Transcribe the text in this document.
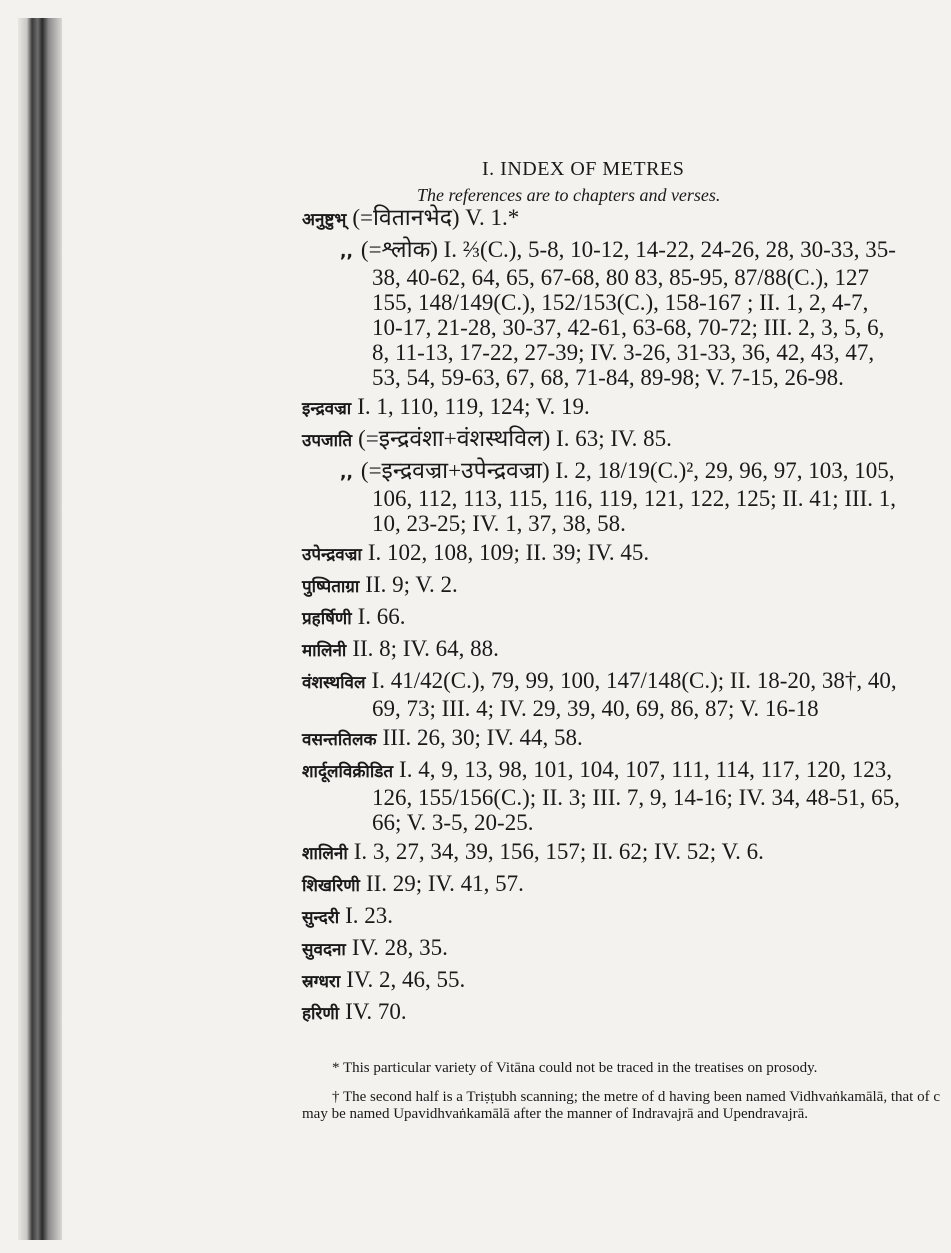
I. INDEX OF METRES
The references are to chapters and verses.

अनुष्टुभ् (=वितानभेद) V. 1.*

,, (=श्लोक) I. ⅔(C.), 5-8, 10-12, 14-22, 24-26, 28, 30-33, 35-38, 40-62, 64, 65, 67-68, 80 83, 85-95, 87/88(C.), 127 155, 148/149(C.), 152/153(C.), 158-167 ; II. 1, 2, 4-7, 10-17, 21-28, 30-37, 42-61, 63-68, 70-72; III. 2, 3, 5, 6, 8, 11-13, 17-22, 27-39; IV. 3-26, 31-33, 36, 42, 43, 47, 53, 54, 59-63, 67, 68, 71-84, 89-98; V. 7-15, 26-98.

इन्द्रवज्रा I. 1, 110, 119, 124; V. 19.

उपजाति (=इन्द्रवंशा+वंशस्थविल) I. 63; IV. 85.

,, (=इन्द्रवज्रा+उपेन्द्रवज्रा) I. 2, 18/19(C.)², 29, 96, 97, 103, 105, 106, 112, 113, 115, 116, 119, 121, 122, 125; II. 41; III. 1, 10, 23-25; IV. 1, 37, 38, 58.

उपेन्द्रवज्रा I. 102, 108, 109; II. 39; IV. 45.

पुष्पिताग्रा II. 9; V. 2.

प्रहर्षिणी I. 66.

मालिनी II. 8; IV. 64, 88.

वंशस्थविल I. 41/42(C.), 79, 99, 100, 147/148(C.); II. 18-20, 38†, 40, 69, 73; III. 4; IV. 29, 39, 40, 69, 86, 87; V. 16-18

वसन्ततिलक III. 26, 30; IV. 44, 58.

शार्दूलविक्रीडित I. 4, 9, 13, 98, 101, 104, 107, 111, 114, 117, 120, 123, 126, 155/156(C.); II. 3; III. 7, 9, 14-16; IV. 34, 48-51, 65, 66; V. 3-5, 20-25.

शालिनी I. 3, 27, 34, 39, 156, 157; II. 62; IV. 52; V. 6.

शिखरिणी II. 29; IV. 41, 57.

सुन्दरी I. 23.

सुवदना IV. 28, 35.

स्रग्धरा IV. 2, 46, 55.

हरिणी IV. 70.

* This particular variety of Vitāna could not be traced in the treatises on prosody.

† The second half is a Triṣṭubh scanning; the metre of d having been named Vidhvaṅkamālā, that of c may be named Upavidhvaṅkamālā after the manner of Indravajrā and Upendravajrā.
